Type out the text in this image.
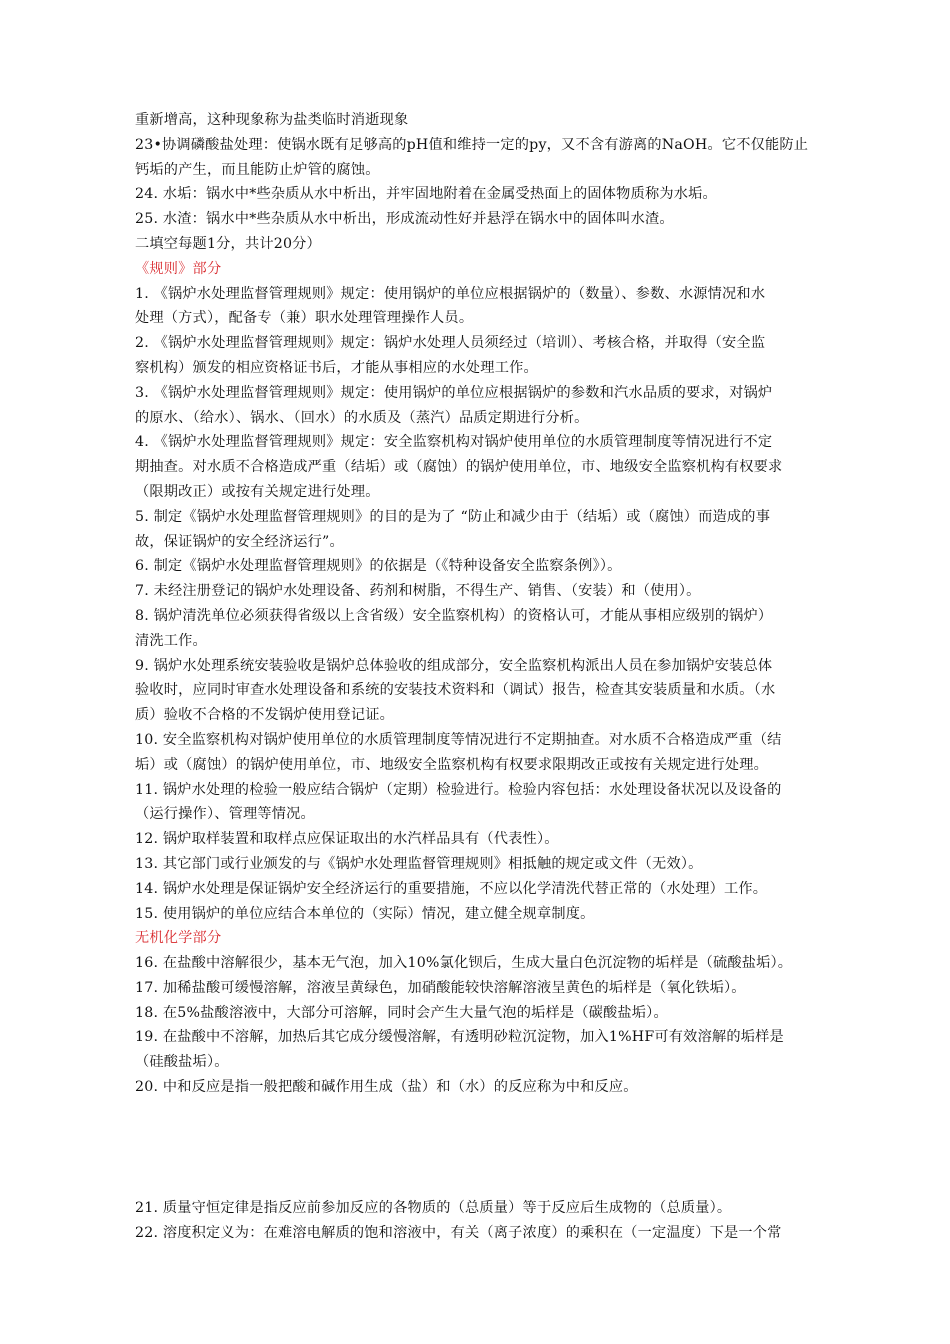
重新增高，这种现象称为盐类临时消逝现象
23•协调磷酸盐处理：使锅水既有足够高的pH值和维持一定的py，又不含有游离的NaOH。它不仅能防止
钙垢的产生，而且能防止炉管的腐蚀。
24. 水垢：锅水中*些杂质从水中析出，并牢固地附着在金属受热面上的固体物质称为水垢。
25. 水渣：锅水中*些杂质从水中析出，形成流动性好并悬浮在锅水中的固体叫水渣。
二填空每题1分，共计20分）
《规则》部分
1. 《锅炉水处理监督管理规则》规定：使用锅炉的单位应根据锅炉的（数量）、参数、水源情况和水
处理（方式），配备专（兼）职水处理管理操作人员。
2. 《锅炉水处理监督管理规则》规定：锅炉水处理人员须经过（培训）、考核合格，并取得（安全监
察机构）颁发的相应资格证书后，才能从事相应的水处理工作。
3. 《锅炉水处理监督管理规则》规定：使用锅炉的单位应根据锅炉的参数和汽水品质的要求，对锅炉
的原水、（给水）、锅水、（回水）的水质及（蒸汽）品质定期进行分析。
4. 《锅炉水处理监督管理规则》规定：安全监察机构对锅炉使用单位的水质管理制度等情况进行不定
期抽查。对水质不合格造成严重（结垢）或（腐蚀）的锅炉使用单位，市、地级安全监察机构有权要求
（限期改正）或按有关规定进行处理。
5. 制定《锅炉水处理监督管理规则》的目的是为了 “防止和减少由于（结垢）或（腐蚀）而造成的事
故，保证锅炉的安全经济运行”。
6. 制定《锅炉水处理监督管理规则》的依据是（《特种设备安全监察条例》）。
7. 未经注册登记的锅炉水处理设备、药剂和树脂，不得生产、销售、（安装）和（使用）。
8. 锅炉清洗单位必须获得省级以上含省级）安全监察机构）的资格认可，才能从事相应级别的锅炉）
清洗工作。
9. 锅炉水处理系统安装验收是锅炉总体验收的组成部分，安全监察机构派出人员在参加锅炉安装总体
验收时，应同时审查水处理设备和系统的安装技术资料和（调试）报告，检查其安装质量和水质。（水
质）验收不合格的不发锅炉使用登记证。
10. 安全监察机构对锅炉使用单位的水质管理制度等情况进行不定期抽查。对水质不合格造成严重（结
垢）或（腐蚀）的锅炉使用单位，市、地级安全监察机构有权要求限期改正或按有关规定进行处理。
11. 锅炉水处理的检验一般应结合锅炉（定期）检验进行。检验内容包括：水处理设备状况以及设备的
（运行操作）、管理等情况。
12. 锅炉取样装置和取样点应保证取出的水汽样品具有（代表性）。
13. 其它部门或行业颁发的与《锅炉水处理监督管理规则》相抵触的规定或文件（无效）。
14. 锅炉水处理是保证锅炉安全经济运行的重要措施，不应以化学清洗代替正常的（水处理）工作。
15. 使用锅炉的单位应结合本单位的（实际）情况，建立健全规章制度。
无机化学部分
16. 在盐酸中溶解很少，基本无气泡，加入10%氯化钡后，生成大量白色沉淀物的垢样是（硫酸盐垢）。
17. 加稀盐酸可缓慢溶解，溶液呈黄绿色，加硝酸能较快溶解溶液呈黄色的垢样是（氧化铁垢）。
18. 在5%盐酸溶液中，大部分可溶解，同时会产生大量气泡的垢样是（碳酸盐垢）。
19. 在盐酸中不溶解，加热后其它成分缓慢溶解，有透明砂粒沉淀物，加入1%HF可有效溶解的垢样是
（硅酸盐垢）。
20. 中和反应是指一般把酸和碱作用生成（盐）和（水）的反应称为中和反应。
21. 质量守恒定律是指反应前参加反应的各物质的（总质量）等于反应后生成物的（总质量）。
22. 溶度积定义为：在难溶电解质的饱和溶液中，有关（离子浓度）的乘积在（一定温度）下是一个常
